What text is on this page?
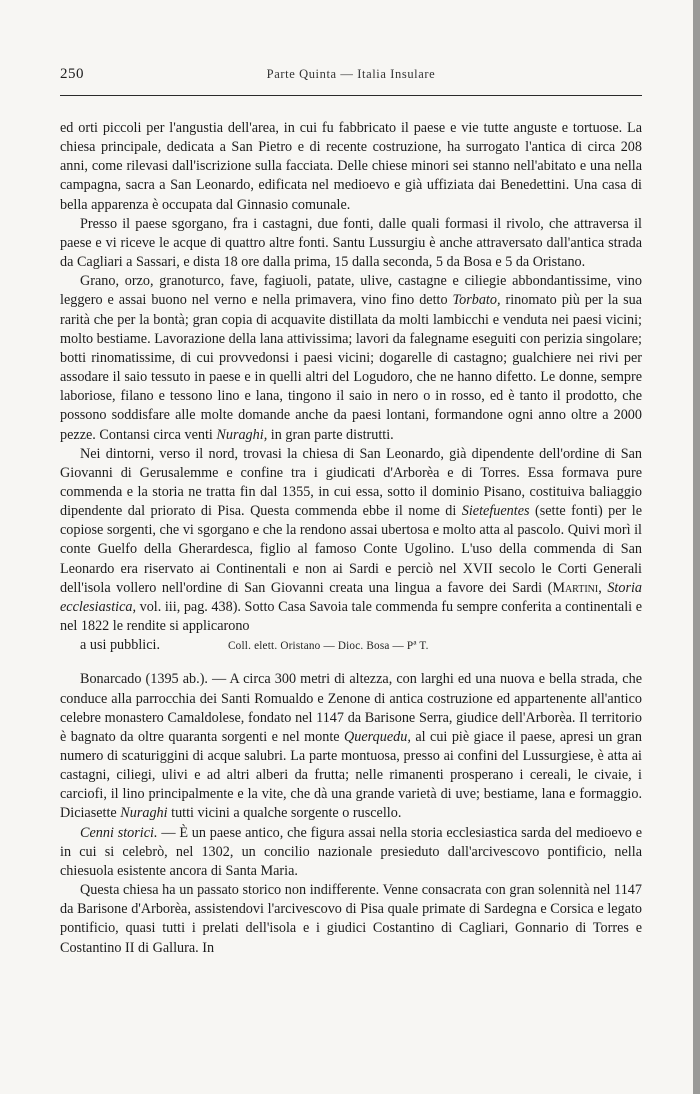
250	Parte Quinta — Italia Insulare

ed orti piccoli per l'angustia dell'area, in cui fu fabbricato il paese e vie tutte anguste e tortuose. La chiesa principale, dedicata a San Pietro e di recente costruzione, ha surrogato l'antica di circa 208 anni, come rilevasi dall'iscrizione sulla facciata. Delle chiese minori sei stanno nell'abitato e una nella campagna, sacra a San Leonardo, edificata nel medioevo e già uffiziata dai Benedettini. Una casa di bella apparenza è occupata dal Ginnasio comunale.

Presso il paese sgorgano, fra i castagni, due fonti, dalle quali formasi il rivolo, che attraversa il paese e vi riceve le acque di quattro altre fonti. Santu Lussurgiu è anche attraversato dall'antica strada da Cagliari a Sassari, e dista 18 ore dalla prima, 15 dalla seconda, 5 da Bosa e 5 da Oristano.

Grano, orzo, granoturco, fave, fagiuoli, patate, ulive, castagne e ciliegie abbondantissime, vino leggero e assai buono nel verno e nella primavera, vino fino detto Torbato, rinomato più per la sua rarità che per la bontà; gran copia di acquavite distillata da molti lambicchi e venduta nei paesi vicini; molto bestiame. Lavorazione della lana attivissima; lavori da falegname eseguiti con perizia singolare; botti rinomatissime, di cui provvedonsi i paesi vicini; dogarelle di castagno; gualchiere nei rivi per assodare il saio tessuto in paese e in quelli altri del Logudoro, che ne hanno difetto. Le donne, sempre laboriose, filano e tessono lino e lana, tingono il saio in nero o in rosso, ed è tanto il prodotto, che possono soddisfare alle molte domande anche da paesi lontani, formandone ogni anno oltre a 2000 pezze. Contansi circa venti Nuraghi, in gran parte distrutti.

Nei dintorni, verso il nord, trovasi la chiesa di San Leonardo, già dipendente dell'ordine di San Giovanni di Gerusalemme e confine tra i giudicati d'Arborèa e di Torres. Essa formava pure commenda e la storia ne tratta fin dal 1355, in cui essa, sotto il dominio Pisano, costituiva baliaggio dipendente dal priorato di Pisa. Questa commenda ebbe il nome di Sietefuentes (sette fonti) per le copiose sorgenti, che vi sgorgano e che la rendono assai ubertosa e molto atta al pascolo. Quivi morì il conte Guelfo della Gherardesca, figlio al famoso Conte Ugolino. L'uso della commenda di San Leonardo era riservato ai Continentali e non ai Sardi e perciò nel XVII secolo le Corti Generali dell'isola vollero nell'ordine di San Giovanni creata una lingua a favore dei Sardi (Martini, Storia ecclesiastica, vol. iii, pag. 438). Sotto Casa Savoia tale commenda fu sempre conferita a continentali e nel 1822 le rendite si applicarono

a usi pubblici.	Coll. elett. Oristano — Dioc. Bosa — Pª T.

Bonarcado (1395 ab.). — A circa 300 metri di altezza, con larghi ed una nuova e bella strada, che conduce alla parrocchia dei Santi Romualdo e Zenone di antica costruzione ed appartenente all'antico celebre monastero Camaldolese, fondato nel 1147 da Barisone Serra, giudice dell'Arborèa. Il territorio è bagnato da oltre quaranta sorgenti e nel monte Querquedu, al cui piè giace il paese, apresi un gran numero di scaturiggini di acque salubri. La parte montuosa, presso ai confini del Lussurgiese, è atta ai castagni, ciliegi, ulivi e ad altri alberi da frutta; nelle rimanenti prosperano i cereali, le civaie, i carciofi, il lino principalmente e la vite, che dà una grande varietà di uve; bestiame, lana e formaggio. Diciasette Nuraghi tutti vicini a qualche sorgente o ruscello.

Cenni storici. — È un paese antico, che figura assai nella storia ecclesiastica sarda del medioevo e in cui si celebrò, nel 1302, un concilio nazionale presieduto dall'arcivescovo pontificio, nella chiesuola esistente ancora di Santa Maria.

Questa chiesa ha un passato storico non indifferente. Venne consacrata con gran solennità nel 1147 da Barisone d'Arborèa, assistendovi l'arcivescovo di Pisa quale primate di Sardegna e Corsica e legato pontificio, quasi tutti i prelati dell'isola e i giudici Costantino di Cagliari, Gonnario di Torres e Costantino II di Gallura. In
